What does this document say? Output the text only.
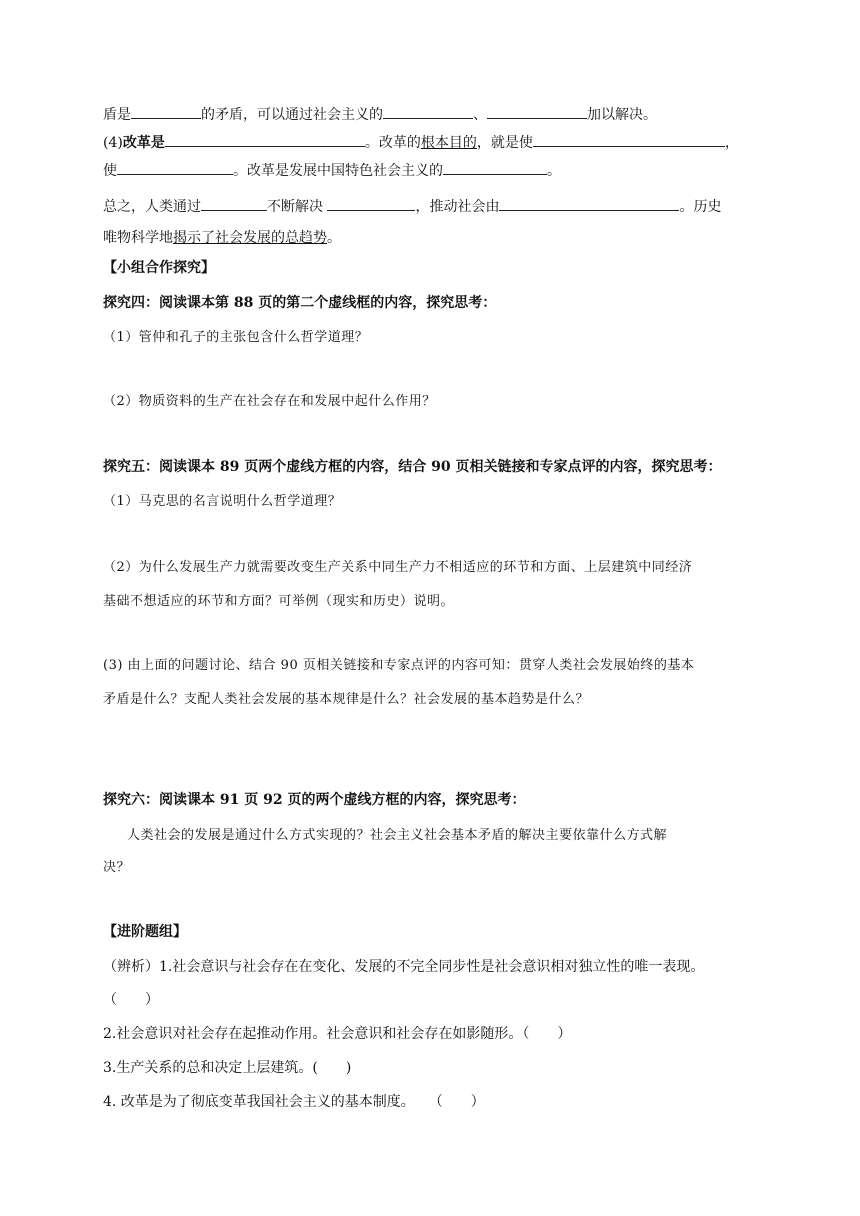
盾是	的矛盾，可以通过社会主义的	、	加以解决。
(4)改革是	。改革的根本目的，就是使	，
使	。改革是发展中国特色社会主义的	。
总之，人类通过	不断解决	，推动社会由	。历史
唯物科学地揭示了社会发展的总趋势。
【小组合作探究】
探究四：阅读课本第 88 页的第二个虚线框的内容，探究思考：
（1）管仲和孔子的主张包含什么哲学道理？
（2）物质资料的生产在社会存在和发展中起什么作用？
探究五：阅读课本 89 页两个虚线方框的内容，结合 90 页相关链接和专家点评的内容，探究思考：
（1）马克思的名言说明什么哲学道理？
（2）为什么发展生产力就需要改变生产关系中同生产力不相适应的环节和方面、上层建筑中同经济
基础不想适应的环节和方面？可举例（现实和历史）说明。
(3) 由上面的问题讨论、结合 90 页相关链接和专家点评的内容可知：贯穿人类社会发展始终的基本
矛盾是什么？支配人类社会发展的基本规律是什么？社会发展的基本趋势是什么？
探究六：阅读课本 91 页 92 页的两个虚线方框的内容，探究思考：
人类社会的发展是通过什么方式实现的？社会主义社会基本矛盾的解决主要依靠什么方式解
决？
【进阶题组】
（辨析）1.社会意识与社会存在在变化、发展的不完全同步性是社会意识相对独立性的唯一表现。
（　　）
2.社会意识对社会存在起推动作用。社会意识和社会存在如影随形。（　　）
3.生产关系的总和决定上层建筑。(　　)
4. 改革是为了彻底变革我国社会主义的基本制度。　　（　　）
